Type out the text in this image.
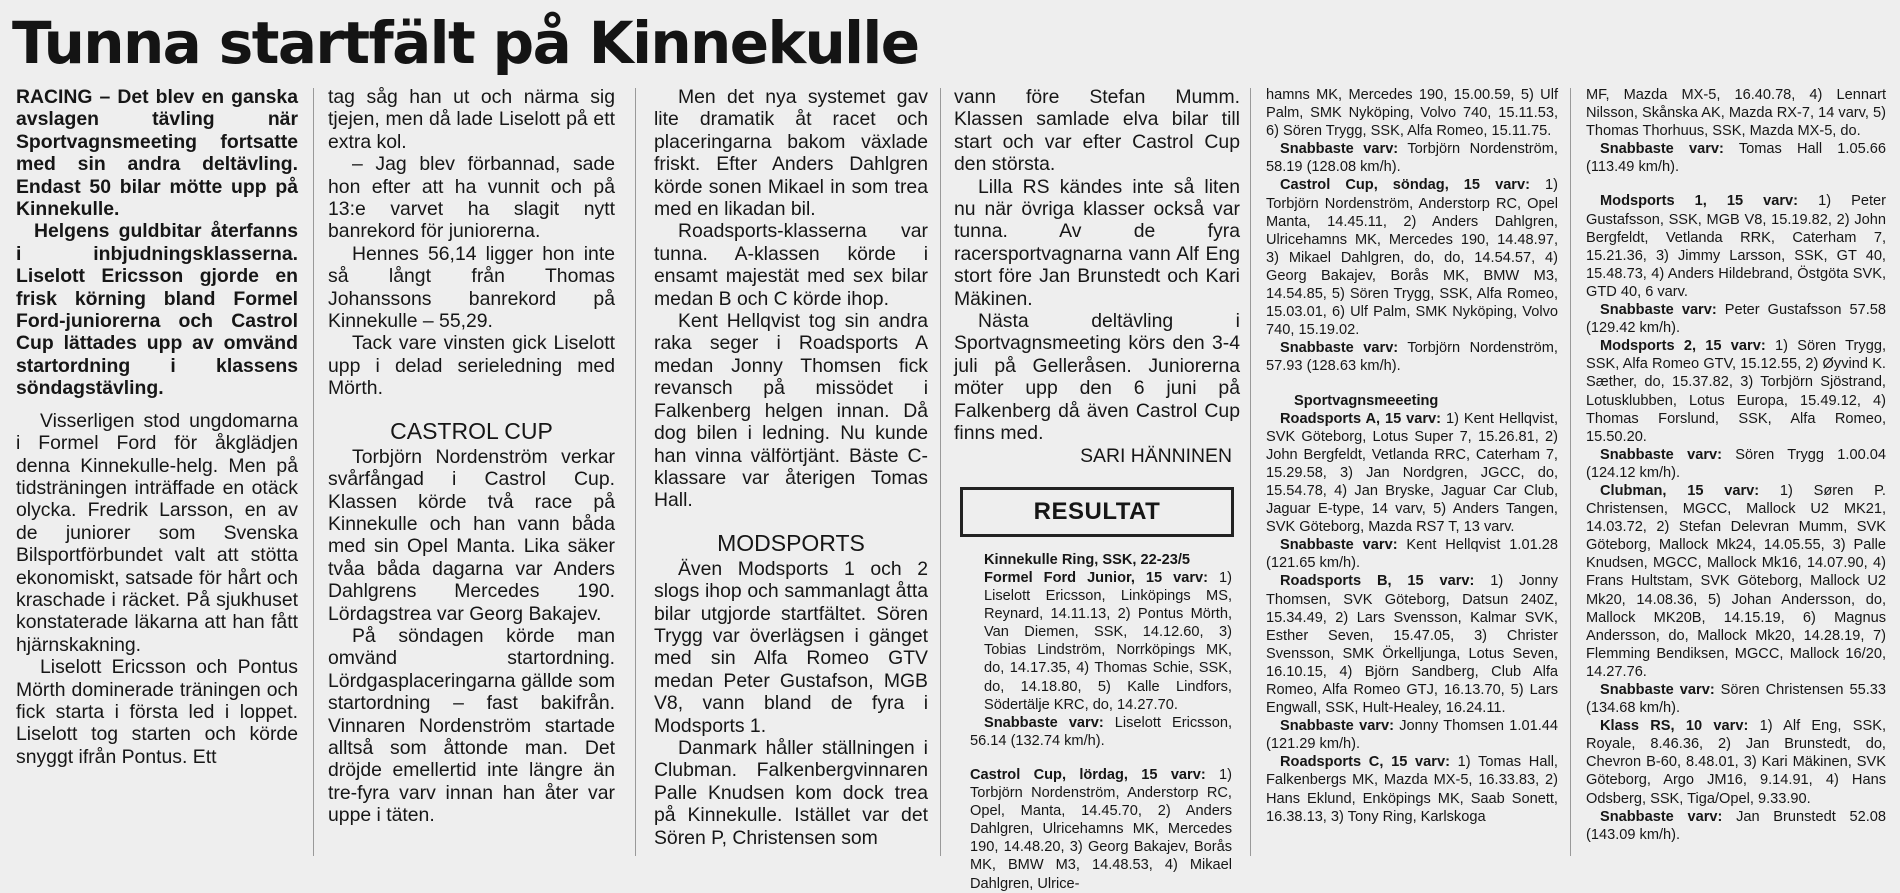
Tunna startfält på Kinnekulle

RACING – Det blev en ganska avslagen tävling när Sportvagnsmeeting fortsatte med sin andra deltävling. Endast 50 bilar mötte upp på Kinnekulle.

Helgens guldbitar återfanns i inbjudningsklasserna. Liselott Ericsson gjorde en frisk körning bland Formel Ford-juniorerna och Castrol Cup lättades upp av omvänd startordning i klassens söndagstävling.

Visserligen stod ungdomarna i Formel Ford för åkglädjen denna Kinnekulle-helg. Men på tidsträningen inträffade en otäck olycka. Fredrik Larsson, en av de juniorer som Svenska Bilsportförbundet valt att stötta ekonomiskt, satsade för hårt och kraschade i räcket. På sjukhuset konstaterade läkarna att han fått hjärnskakning.

Liselott Ericsson och Pontus Mörth dominerade träningen och fick starta i första led i loppet. Liselott tog starten och körde snyggt ifrån Pontus. Ett

tag såg han ut och närma sig tjejen, men då lade Liselott på ett extra kol.

– Jag blev förbannad, sade hon efter att ha vunnit och på 13:e varvet ha slagit nytt banrekord för juniorerna.

Hennes 56,14 ligger hon inte så långt från Thomas Johanssons banrekord på Kinnekulle – 55,29.

Tack vare vinsten gick Liselott upp i delad serieledning med Mörth.

CASTROL CUP

Torbjörn Nordenström verkar svårfångad i Castrol Cup. Klassen körde två race på Kinnekulle och han vann båda med sin Opel Manta. Lika säker tvåa båda dagarna var Anders Dahlgrens Mercedes 190. Lördagstrea var Georg Bakajev.

På söndagen körde man omvänd startordning. Lördgasplaceringarna gällde som startordning – fast bakifrån. Vinnaren Nordenström startade alltså som åttonde man. Det dröjde emellertid inte längre än tre-fyra varv innan han åter var uppe i täten.

Men det nya systemet gav lite dramatik åt racet och placeringarna bakom växlade friskt. Efter Anders Dahlgren körde sonen Mikael in som trea med en likadan bil.

Roadsports-klasserna var tunna. A-klassen körde i ensamt majestät med sex bilar medan B och C körde ihop.

Kent Hellqvist tog sin andra raka seger i Roadsports A medan Jonny Thomsen fick revansch på missödet i Falkenberg helgen innan. Då dog bilen i ledning. Nu kunde han vinna välförtjänt. Bäste C-klassare var återigen Tomas Hall.

MODSPORTS

Även Modsports 1 och 2 slogs ihop och sammanlagt åtta bilar utgjorde startfältet. Sören Trygg var överlägsen i gänget med sin Alfa Romeo GTV medan Peter Gustafson, MGB V8, vann bland de fyra i Modsports 1.

Danmark håller ställningen i Clubman. Falkenbergvinnaren Palle Knudsen kom dock trea på Kinnekulle. Istället var det Sören P, Christensen som

vann före Stefan Mumm. Klassen samlade elva bilar till start och var efter Castrol Cup den största.

Lilla RS kändes inte så liten nu när övriga klasser också var tunna. Av de fyra racersportvagnarna vann Alf Eng stort före Jan Brunstedt och Kari Mäkinen.

Nästa deltävling i Sportvagnsmeeting körs den 3-4 juli på Gelleråsen. Juniorerna möter upp den 6 juni på Falkenberg då även Castrol Cup finns med.

SARI HÄNNINEN

RESULTAT

Kinnekulle Ring, SSK, 22-23/5

Formel Ford Junior, 15 varv: 1) Liselott Ericsson, Linköpings MS, Reynard, 14.11.13, 2) Pontus Mörth, Van Diemen, SSK, 14.12.60, 3) Tobias Lindström, Norrköpings MK, do, 14.17.35, 4) Thomas Schie, SSK, do, 14.18.80, 5) Kalle Lindfors, Södertälje KRC, do, 14.27.70.

Snabbaste varv: Liselott Ericsson, 56.14 (132.74 km/h).

Castrol Cup, lördag, 15 varv: 1) Torbjörn Nordenström, Anderstorp RC, Opel, Manta, 14.45.70, 2) Anders Dahlgren, Ulricehamns MK, Mercedes 190, 14.48.20, 3) Georg Bakajev, Borås MK, BMW M3, 14.48.53, 4) Mikael Dahlgren, Ulrice-

hamns MK, Mercedes 190, 15.00.59, 5) Ulf Palm, SMK Nyköping, Volvo 740, 15.11.53, 6) Sören Trygg, SSK, Alfa Romeo, 15.11.75.

Snabbaste varv: Torbjörn Nordenström, 58.19 (128.08 km/h).

Castrol Cup, söndag, 15 varv: 1) Torbjörn Nordenström, Anderstorp RC, Opel Manta, 14.45.11, 2) Anders Dahlgren, Ulricehamns MK, Mercedes 190, 14.48.97, 3) Mikael Dahlgren, do, do, 14.54.57, 4) Georg Bakajev, Borås MK, BMW M3, 14.54.85, 5) Sören Trygg, SSK, Alfa Romeo, 15.03.01, 6) Ulf Palm, SMK Nyköping, Volvo 740, 15.19.02.

Snabbaste varv: Torbjörn Nordenström, 57.93 (128.63 km/h).

Sportvagnsmeeeting

Roadsports A, 15 varv: 1) Kent Hellqvist, SVK Göteborg, Lotus Super 7, 15.26.81, 2) John Bergfeldt, Vetlanda RRC, Caterham 7, 15.29.58, 3) Jan Nordgren, JGCC, do, 15.54.78, 4) Jan Bryske, Jaguar Car Club, Jaguar E-type, 14 varv, 5) Anders Tangen, SVK Göteborg, Mazda RS7 T, 13 varv.

Snabbaste varv: Kent Hellqvist 1.01.28 (121.65 km/h).

Roadsports B, 15 varv: 1) Jonny Thomsen, SVK Göteborg, Datsun 240Z, 15.34.49, 2) Lars Svensson, Kalmar SVK, Esther Seven, 15.47.05, 3) Christer Svensson, SMK Örkelljunga, Lotus Seven, 16.10.15, 4) Björn Sandberg, Club Alfa Romeo, Alfa Romeo GTJ, 16.13.70, 5) Lars Engwall, SSK, Hult-Healey, 16.24.11.

Snabbaste varv: Jonny Thomsen 1.01.44 (121.29 km/h).

Roadsports C, 15 varv: 1) Tomas Hall, Falkenbergs MK, Mazda MX-5, 16.33.83, 2) Hans Eklund, Enköpings MK, Saab Sonett, 16.38.13, 3) Tony Ring, Karlskoga

MF, Mazda MX-5, 16.40.78, 4) Lennart Nilsson, Skånska AK, Mazda RX-7, 14 varv, 5) Thomas Thorhuus, SSK, Mazda MX-5, do.

Snabbaste varv: Tomas Hall 1.05.66 (113.49 km/h).

Modsports 1, 15 varv: 1) Peter Gustafsson, SSK, MGB V8, 15.19.82, 2) John Bergfeldt, Vetlanda RRK, Caterham 7, 15.21.36, 3) Jimmy Larsson, SSK, GT 40, 15.48.73, 4) Anders Hildebrand, Östgöta SVK, GTD 40, 6 varv.

Snabbaste varv: Peter Gustafsson 57.58 (129.42 km/h).

Modsports 2, 15 varv: 1) Sören Trygg, SSK, Alfa Romeo GTV, 15.12.55, 2) Øyvind K. Sæther, do, 15.37.82, 3) Torbjörn Sjöstrand, Lotusklubben, Lotus Europa, 15.49.12, 4) Thomas Forslund, SSK, Alfa Romeo, 15.50.20.

Snabbaste varv: Sören Trygg 1.00.04 (124.12 km/h).

Clubman, 15 varv: 1) Søren P. Christensen, MGCC, Mallock U2 MK21, 14.03.72, 2) Stefan Delevran Mumm, SVK Göteborg, Mallock Mk24, 14.05.55, 3) Palle Knudsen, MGCC, Mallock Mk16, 14.07.90, 4) Frans Hultstam, SVK Göteborg, Mallock U2 Mk20, 14.08.36, 5) Johan Andersson, do, Mallock MK20B, 14.15.19, 6) Magnus Andersson, do, Mallock Mk20, 14.28.19, 7) Flemming Bendiksen, MGCC, Mallock 16/20, 14.27.76.

Snabbaste varv: Sören Christensen 55.33 (134.68 km/h).

Klass RS, 10 varv: 1) Alf Eng, SSK, Royale, 8.46.36, 2) Jan Brunstedt, do, Chevron B-60, 8.48.01, 3) Kari Mäkinen, SVK Göteborg, Argo JM16, 9.14.91, 4) Hans Odsberg, SSK, Tiga/Opel, 9.33.90.

Snabbaste varv: Jan Brunstedt 52.08 (143.09 km/h).
